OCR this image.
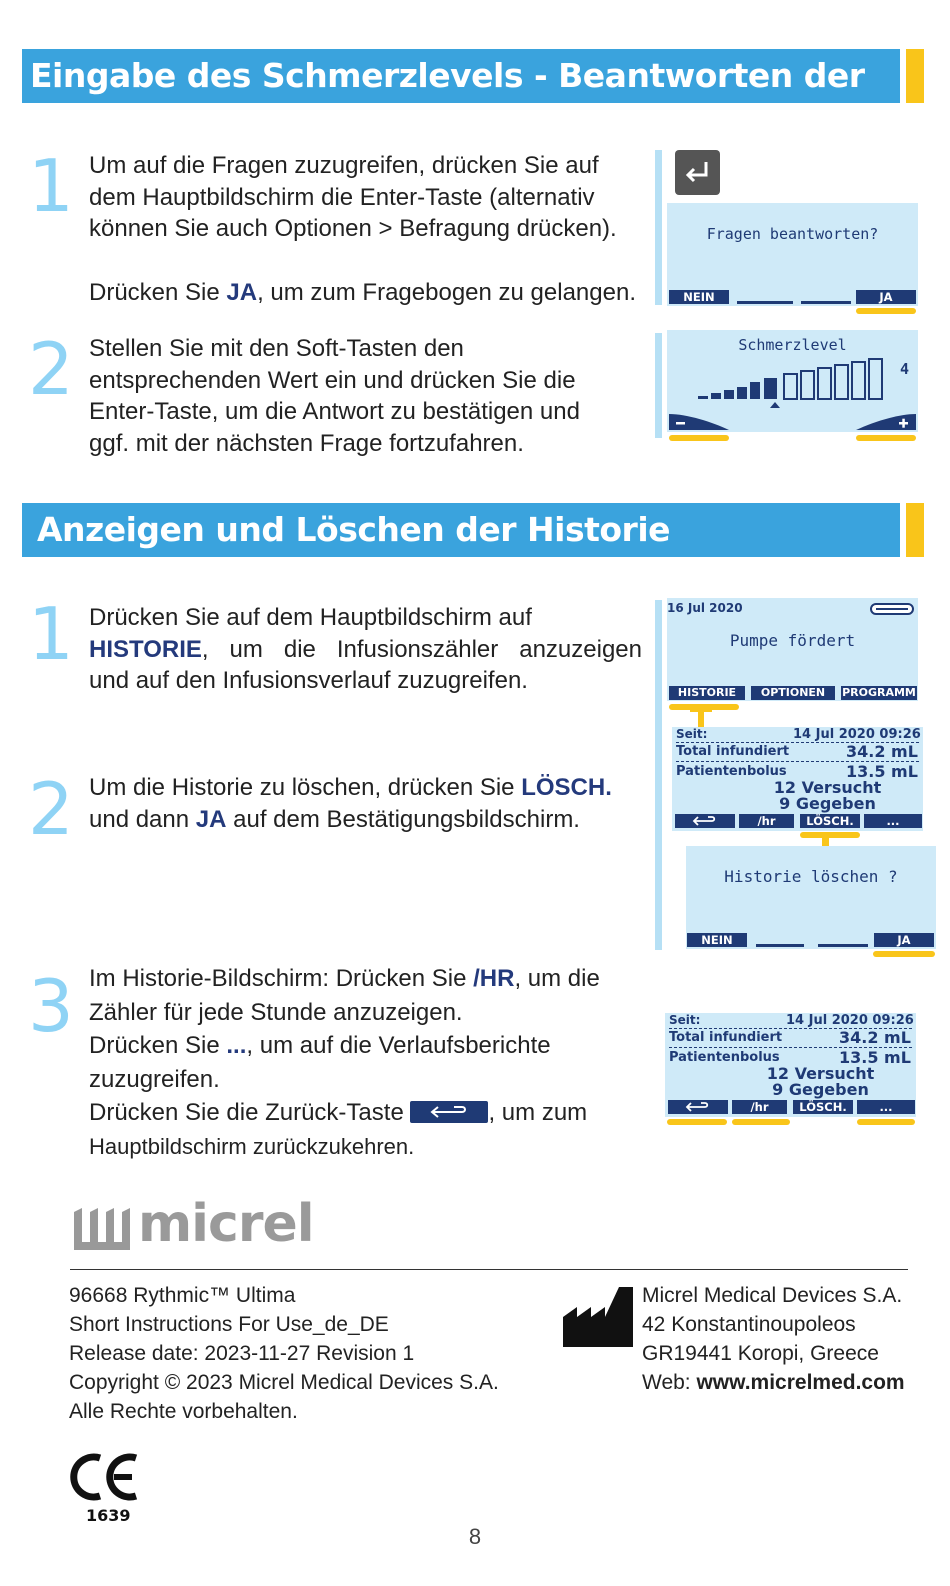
Eingabe des Schmerzlevels - Beantworten der Fragen
1 Um auf die Fragen zuzugreifen, drücken Sie auf
dem Hauptbildschirm die Enter-Taste (alternativ
können Sie auch Optionen > Befragung drücken).
Drücken Sie JA, um zum Fragebogen zu gelangen.
2 Stellen Sie mit den Soft-Tasten den
entsprechenden Wert ein und drücken Sie die
Enter-Taste, um die Antwort zu bestätigen und
ggf. mit der nächsten Frage fortzufahren.
Fragen beantworten?
NEIN	JA
Schmerzlevel
4
Anzeigen und Löschen der Historie
1 Drücken Sie auf dem Hauptbildschirm auf
HISTORIE, um die Infusionszähler anzuzeigen
und auf den Infusionsverlauf zuzugreifen.
2 Um die Historie zu löschen, drücken Sie LÖSCH.
und dann JA auf dem Bestätigungsbildschirm.
3 Im Historie-Bildschirm: Drücken Sie /HR, um die
Zähler für jede Stunde anzuzeigen.
Drücken Sie ..., um auf die Verlaufsberichte
zuzugreifen.
Drücken Sie die Zurück-Taste	, um zum
Hauptbildschirm zurückzukehren.
16 Jul 2020
Pumpe fördert
HISTORIE	OPTIONEN	PROGRAMM
Seit:	14 Jul 2020 09:26
Total infundiert	34.2 mL
Patientenbolus	13.5 mL
12 Versucht
9 Gegeben
/hr	LÖSCH.	...
Historie löschen ?
NEIN	JA
Seit:	14 Jul 2020 09:26
Total infundiert	34.2 mL
Patientenbolus	13.5 mL
12 Versucht
9 Gegeben
/hr	LÖSCH.	...
micrel
96668 Rythmic™ Ultima
Short Instructions For Use_de_DE
Release date: 2023-11-27 Revision 1
Copyright © 2023 Micrel Medical Devices S.A.
Alle Rechte vorbehalten.
Micrel Medical Devices S.A.
42 Konstantinoupoleos
GR19441 Koropi, Greece
Web: www.micrelmed.com
1639
8
